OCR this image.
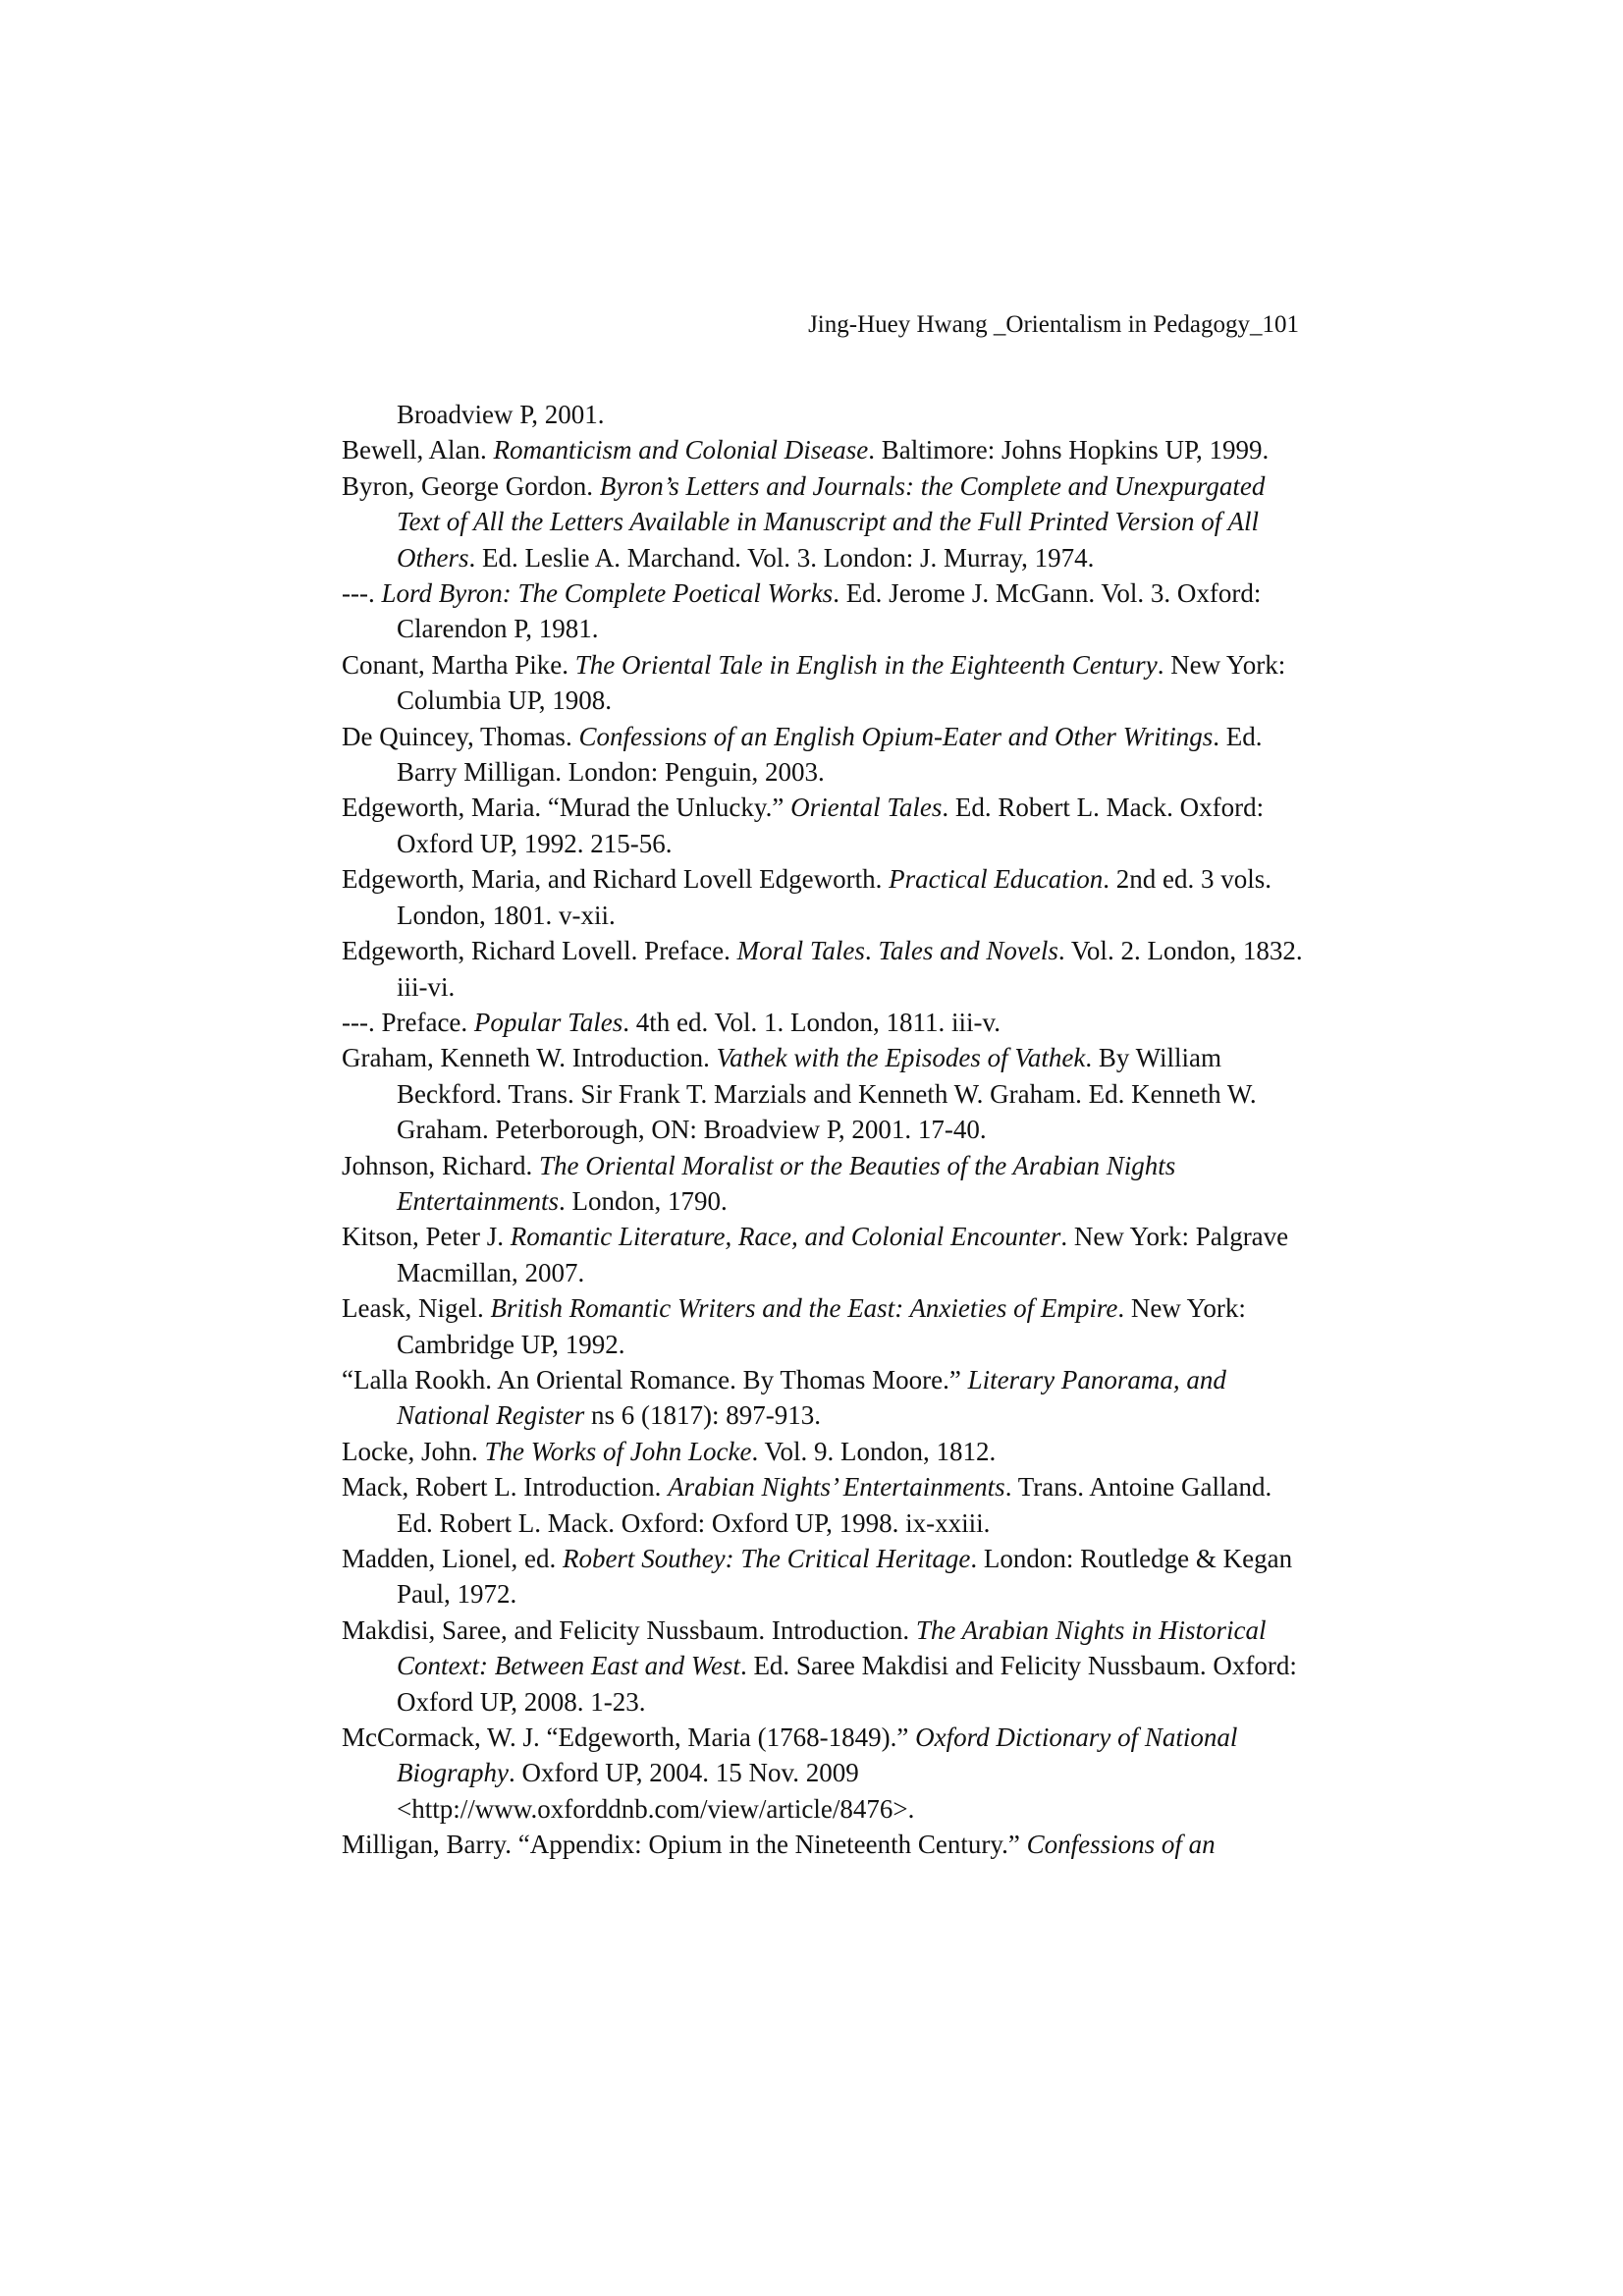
Jing-Huey Hwang _Orientalism in Pedagogy_101

Broadview P, 2001.

Bewell, Alan. Romanticism and Colonial Disease. Baltimore: Johns Hopkins UP, 1999.

Byron, George Gordon. Byron’s Letters and Journals: the Complete and Unexpurgated Text of All the Letters Available in Manuscript and the Full Printed Version of All Others. Ed. Leslie A. Marchand. Vol. 3. London: J. Murray, 1974.

---. Lord Byron: The Complete Poetical Works. Ed. Jerome J. McGann. Vol. 3. Oxford: Clarendon P, 1981.

Conant, Martha Pike. The Oriental Tale in English in the Eighteenth Century. New York: Columbia UP, 1908.

De Quincey, Thomas. Confessions of an English Opium-Eater and Other Writings. Ed. Barry Milligan. London: Penguin, 2003.

Edgeworth, Maria. “Murad the Unlucky.” Oriental Tales. Ed. Robert L. Mack. Oxford: Oxford UP, 1992. 215-56.

Edgeworth, Maria, and Richard Lovell Edgeworth. Practical Education. 2nd ed. 3 vols. London, 1801. v-xii.

Edgeworth, Richard Lovell. Preface. Moral Tales. Tales and Novels. Vol. 2. London, 1832. iii-vi.

---. Preface. Popular Tales. 4th ed. Vol. 1. London, 1811. iii-v.

Graham, Kenneth W. Introduction. Vathek with the Episodes of Vathek. By William Beckford. Trans. Sir Frank T. Marzials and Kenneth W. Graham. Ed. Kenneth W. Graham. Peterborough, ON: Broadview P, 2001. 17-40.

Johnson, Richard. The Oriental Moralist or the Beauties of the Arabian Nights Entertainments. London, 1790.

Kitson, Peter J. Romantic Literature, Race, and Colonial Encounter. New York: Palgrave Macmillan, 2007.

Leask, Nigel. British Romantic Writers and the East: Anxieties of Empire. New York: Cambridge UP, 1992.

“Lalla Rookh. An Oriental Romance. By Thomas Moore.” Literary Panorama, and National Register ns 6 (1817): 897-913.

Locke, John. The Works of John Locke. Vol. 9. London, 1812.

Mack, Robert L. Introduction. Arabian Nights’ Entertainments. Trans. Antoine Galland. Ed. Robert L. Mack. Oxford: Oxford UP, 1998. ix-xxiii.

Madden, Lionel, ed. Robert Southey: The Critical Heritage. London: Routledge & Kegan Paul, 1972.

Makdisi, Saree, and Felicity Nussbaum. Introduction. The Arabian Nights in Historical Context: Between East and West. Ed. Saree Makdisi and Felicity Nussbaum. Oxford: Oxford UP, 2008. 1-23.

McCormack, W. J. “Edgeworth, Maria (1768-1849).” Oxford Dictionary of National Biography. Oxford UP, 2004. 15 Nov. 2009 <http://www.oxforddnb.com/view/article/8476>.

Milligan, Barry. “Appendix: Opium in the Nineteenth Century.” Confessions of an
